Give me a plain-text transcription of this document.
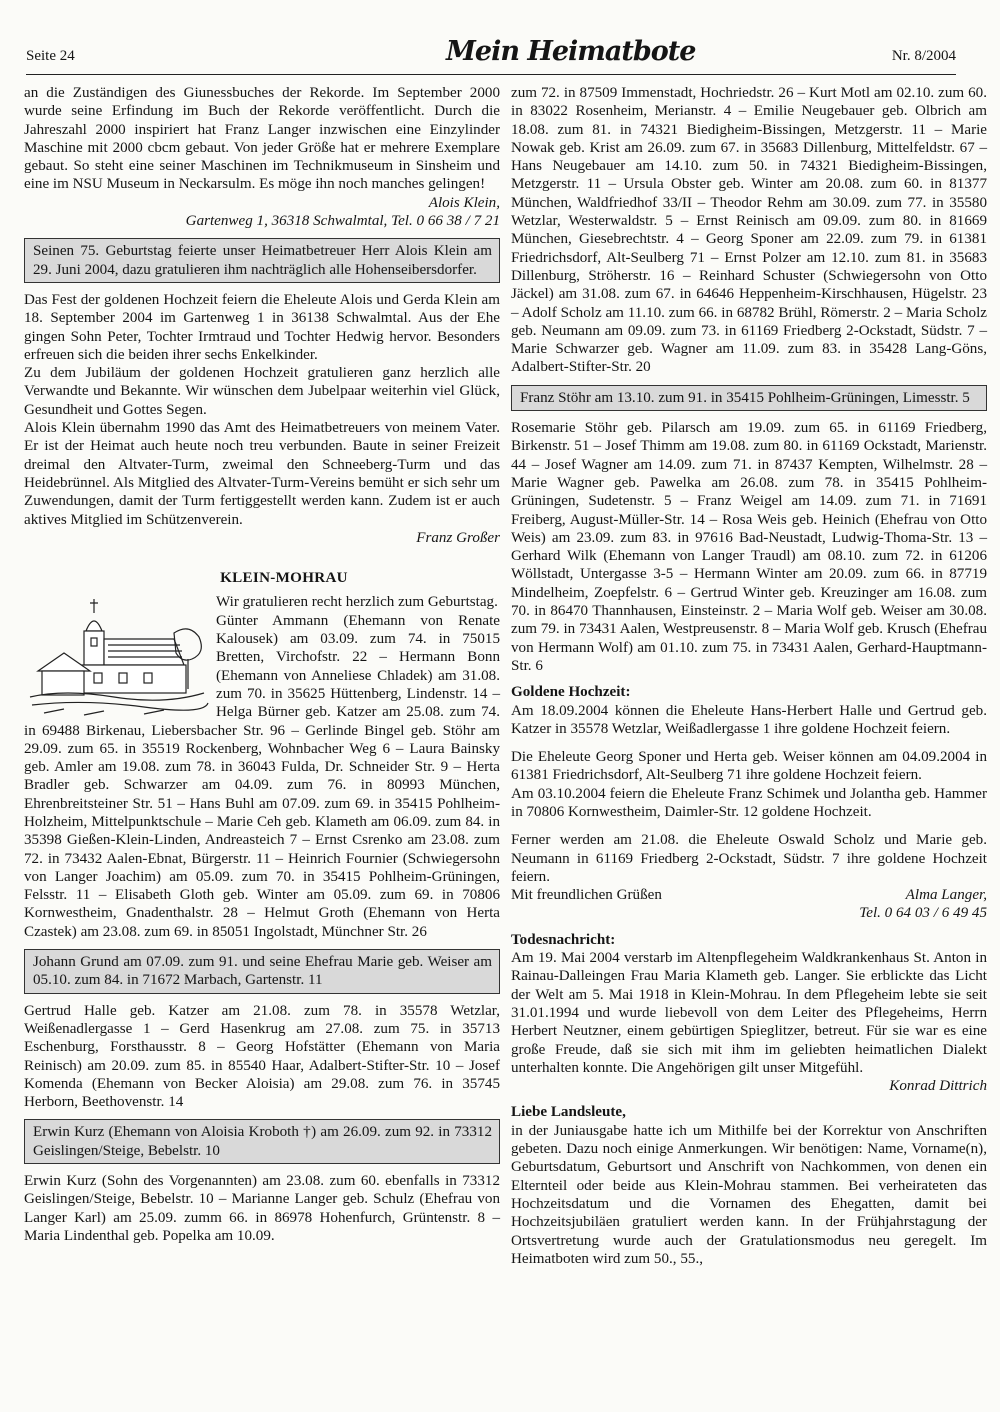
Seite 24	Mein Heimatbote	Nr. 8/2004

an die Zuständigen des Giunessbuches der Rekorde. Im September 2000 wurde seine Erfindung im Buch der Rekorde veröffentlicht. Durch die Jahreszahl 2000 inspiriert hat Franz Langer inzwischen eine Einzylinder Maschine mit 2000 cbcm gebaut. Von jeder Größe hat er mehrere Exemplare gebaut. So steht eine seiner Maschinen im Technikmuseum in Sinsheim und eine im NSU Museum in Neckarsulm. Es möge ihn noch manches gelingen!

Alois Klein,

Gartenweg 1, 36318 Schwalmtal, Tel. 0 66 38 / 7 21

Seinen 75. Geburtstag feierte unser Heimatbetreuer Herr Alois Klein am 29. Juni 2004, dazu gratulieren ihm nachträglich alle Hohenseibersdorfer.

Das Fest der goldenen Hochzeit feiern die Eheleute Alois und Gerda Klein am 18. September 2004 im Gartenweg 1 in 36138 Schwalmtal. Aus der Ehe gingen Sohn Peter, Tochter Irmtraud und Tochter Hedwig hervor. Besonders erfreuen sich die beiden ihrer sechs Enkelkinder.

Zu dem Jubiläum der goldenen Hochzeit gratulieren ganz herzlich alle Verwandte und Bekannte. Wir wünschen dem Jubelpaar weiterhin viel Glück, Gesundheit und Gottes Segen.

Alois Klein übernahm 1990 das Amt des Heimatbetreuers von meinem Vater. Er ist der Heimat auch heute noch treu verbunden. Baute in seiner Freizeit dreimal den Altvater-Turm, zweimal den Schneeberg-Turm und das Heidebrünnel. Als Mitglied des Altvater-Turm-Vereins bemüht er sich sehr um Zuwendungen, damit der Turm fertiggestellt werden kann. Zudem ist er auch aktives Mitglied im Schützenverein.

Franz Großer

KLEIN-MOHRAU

Wir gratulieren recht herzlich zum Geburtstag.

Günter Ammann (Ehemann von Renate Kalousek) am 03.09. zum 74. in 75015 Bretten, Virchofstr. 22 – Hermann Bonn (Ehemann von Anneliese Chladek) am 31.08. zum 70. in 35625 Hüttenberg, Lindenstr. 14 – Helga Bürner geb. Katzer am 25.08. zum 74. in 69488 Birkenau, Liebersbacher Str. 96 – Gerlinde Bingel geb. Stöhr am 29.09. zum 65. in 35519 Rockenberg, Wohnbacher Weg 6 – Laura Bainsky geb. Amler am 19.08. zum 78. in 36043 Fulda, Dr. Schneider Str. 9 – Herta Bradler geb. Schwarzer am 04.09. zum 76. in 80993 München, Ehrenbreitsteiner Str. 51 – Hans Buhl am 07.09. zum 69. in 35415 Pohlheim-Holzheim, Mittelpunktschule – Marie Ceh geb. Klameth am 06.09. zum 84. in 35398 Gießen-Klein-Linden, Andreasteich 7 – Ernst Csrenko am 23.08. zum 72. in 73432 Aalen-Ebnat, Bürgerstr. 11 – Heinrich Fournier (Schwiegersohn von Langer Joachim) am 05.09. zum 70. in 35415 Pohlheim-Grüningen, Felsstr. 11 – Elisabeth Gloth geb. Winter am 05.09. zum 69. in 70806 Kornwestheim, Gnadenthalstr. 28 – Helmut Groth (Ehemann von Herta Czastek) am 23.08. zum 69. in 85051 Ingolstadt, Münchner Str. 26

Johann Grund am 07.09. zum 91. und seine Ehefrau Marie geb. Weiser am 05.10. zum 84. in 71672 Marbach, Gartenstr. 11

Gertrud Halle geb. Katzer am 21.08. zum 78. in 35578 Wetzlar, Weißenadlergasse 1 – Gerd Hasenkrug am 27.08. zum 75. in 35713 Eschenburg, Forsthausstr. 8 – Georg Hofstätter (Ehemann von Maria Reinisch) am 20.09. zum 85. in 85540 Haar, Adalbert-Stifter-Str. 10 – Josef Komenda (Ehemann von Becker Aloisia) am 29.08. zum 76. in 35745 Herborn, Beethovenstr. 14

Erwin Kurz (Ehemann von Aloisia Kroboth †) am 26.09. zum 92. in 73312 Geislingen/Steige, Bebelstr. 10

Erwin Kurz (Sohn des Vorgenannten) am 23.08. zum 60. ebenfalls in 73312 Geislingen/Steige, Bebelstr. 10 – Marianne Langer geb. Schulz (Ehefrau von Langer Karl) am 25.09. zumm 66. in 86978 Hohenfurch, Grüntenstr. 8 – Maria Lindenthal geb. Popelka am 10.09.

zum 72. in 87509 Immenstadt, Hochriedstr. 26 – Kurt Motl am 02.10. zum 60. in 83022 Rosenheim, Merianstr. 4 – Emilie Neugebauer geb. Olbrich am 18.08. zum 81. in 74321 Biedigheim-Bissingen, Metzgerstr. 11 – Marie Nowak geb. Krist am 26.09. zum 67. in 35683 Dillenburg, Mittelfeldstr. 67 – Hans Neugebauer am 14.10. zum 50. in 74321 Biedigheim-Bissingen, Metzgerstr. 11 – Ursula Obster geb. Winter am 20.08. zum 60. in 81377 München, Waldfriedhof 33/II – Theodor Rehm am 30.09. zum 77. in 35580 Wetzlar, Westerwaldstr. 5 – Ernst Reinisch am 09.09. zum 80. in 81669 München, Giesebrechtstr. 4 – Georg Sponer am 22.09. zum 79. in 61381 Friedrichsdorf, Alt-Seulberg 71 – Ernst Polzer am 12.10. zum 81. in 35683 Dillenburg, Ströherstr. 16 – Reinhard Schuster (Schwiegersohn von Otto Jäckel) am 31.08. zum 67. in 64646 Heppenheim-Kirschhausen, Hügelstr. 23 – Adolf Scholz am 11.10. zum 66. in 68782 Brühl, Römerstr. 2 – Maria Scholz geb. Neumann am 09.09. zum 73. in 61169 Friedberg 2-Ockstadt, Südstr. 7 – Marie Schwarzer geb. Wagner am 11.09. zum 83. in 35428 Lang-Göns, Adalbert-Stifter-Str. 20

Franz Stöhr am 13.10. zum 91. in 35415 Pohlheim-Grüningen, Limesstr. 5

Rosemarie Stöhr geb. Pilarsch am 19.09. zum 65. in 61169 Friedberg, Birkenstr. 51 – Josef Thimm am 19.08. zum 80. in 61169 Ockstadt, Marienstr. 44 – Josef Wagner am 14.09. zum 71. in 87437 Kempten, Wilhelmstr. 28 – Marie Wagner geb. Pawelka am 26.08. zum 78. in 35415 Pohlheim-Grüningen, Sudetenstr. 5 – Franz Weigel am 14.09. zum 71. in 71691 Freiberg, August-Müller-Str. 14 – Rosa Weis geb. Heinich (Ehefrau von Otto Weis) am 23.09. zum 83. in 97616 Bad-Neustadt, Ludwig-Thoma-Str. 13 – Gerhard Wilk (Ehemann von Langer Traudl) am 08.10. zum 72. in 61206 Wöllstadt, Untergasse 3-5 – Hermann Winter am 20.09. zum 66. in 87719 Mindelheim, Zoepfelstr. 6 – Gertrud Winter geb. Kreuzinger am 16.08. zum 70. in 86470 Thannhausen, Einsteinstr. 2 – Maria Wolf geb. Weiser am 30.08. zum 79. in 73431 Aalen, Westpreusenstr. 8 – Maria Wolf geb. Krusch (Ehefrau von Hermann Wolf) am 01.10. zum 75. in 73431 Aalen, Gerhard-Hauptmann-Str. 6

Goldene Hochzeit:

Am 18.09.2004 können die Eheleute Hans-Herbert Halle und Gertrud geb. Katzer in 35578 Wetzlar, Weißadlergasse 1 ihre goldene Hochzeit feiern.

Die Eheleute Georg Sponer und Herta geb. Weiser können am 04.09.2004 in 61381 Friedrichsdorf, Alt-Seulberg 71 ihre goldene Hochzeit feiern.

Am 03.10.2004 feiern die Eheleute Franz Schimek und Jolantha geb. Hammer in 70806 Kornwestheim, Daimler-Str. 12 goldene Hochzeit.

Ferner werden am 21.08. die Eheleute Oswald Scholz und Marie geb. Neumann in 61169 Friedberg 2-Ockstadt, Südstr. 7 ihre goldene Hochzeit feiern.

Mit freundlichen Grüßen	Alma Langer,

Tel. 0 64 03 / 6 49 45

Todesnachricht:

Am 19. Mai 2004 verstarb im Altenpflegeheim Waldkrankenhaus St. Anton in Rainau-Dalleingen Frau Maria Klameth geb. Langer. Sie erblickte das Licht der Welt am 5. Mai 1918 in Klein-Mohrau. In dem Pflegeheim lebte sie seit 31.01.1994 und wurde liebevoll von dem Leiter des Pflegeheims, Herrn Herbert Neutzner, einem gebürtigen Spieglitzer, betreut. Für sie war es eine große Freude, daß sie sich mit ihm im geliebten heimatlichen Dialekt unterhalten konnte. Die Angehörigen gilt unser Mitgefühl.

Konrad Dittrich

Liebe Landsleute,

in der Juniausgabe hatte ich um Mithilfe bei der Korrektur von Anschriften gebeten. Dazu noch einige Anmerkungen. Wir benötigen: Name, Vorname(n), Geburtsdatum, Geburtsort und Anschrift von Nachkommen, von denen ein Elternteil oder beide aus Klein-Mohrau stammen. Bei verheirateten das Hochzeitsdatum und die Vornamen des Ehegatten, damit bei Hochzeitsjubiläen gratuliert werden kann. In der Frühjahrstagung der Ortsvertretung wurde auch der Gratulationsmodus neu geregelt. Im Heimatboten wird zum 50., 55.,
